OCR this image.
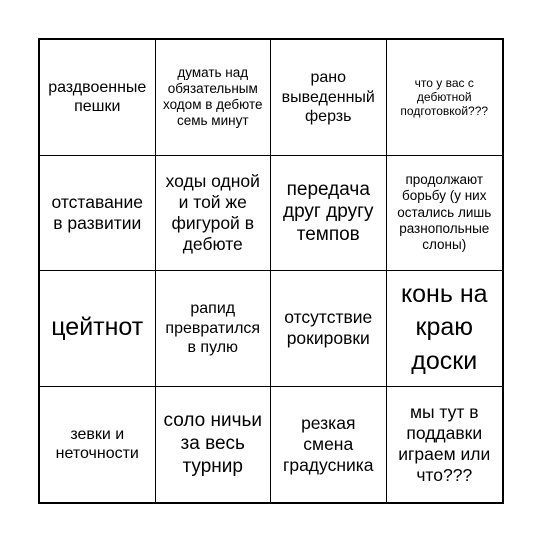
раздвоенные пешки
думать над обязательным ходом в дебюте семь минут
рано выведенный ферзь
что у вас с дебютной подготовкой???
отставание в развитии
ходы одной и той же фигурой в дебюте
передача друг другу темпов
продолжают борьбу (у них остались лишь разнопольные слоны)
цейтнот
рапид превратился в пулю
отсутствие рокировки
конь на краю доски
зевки и неточности
соло ничьи за весь турнир
резкая смена градусника
мы тут в поддавки играем или что???
